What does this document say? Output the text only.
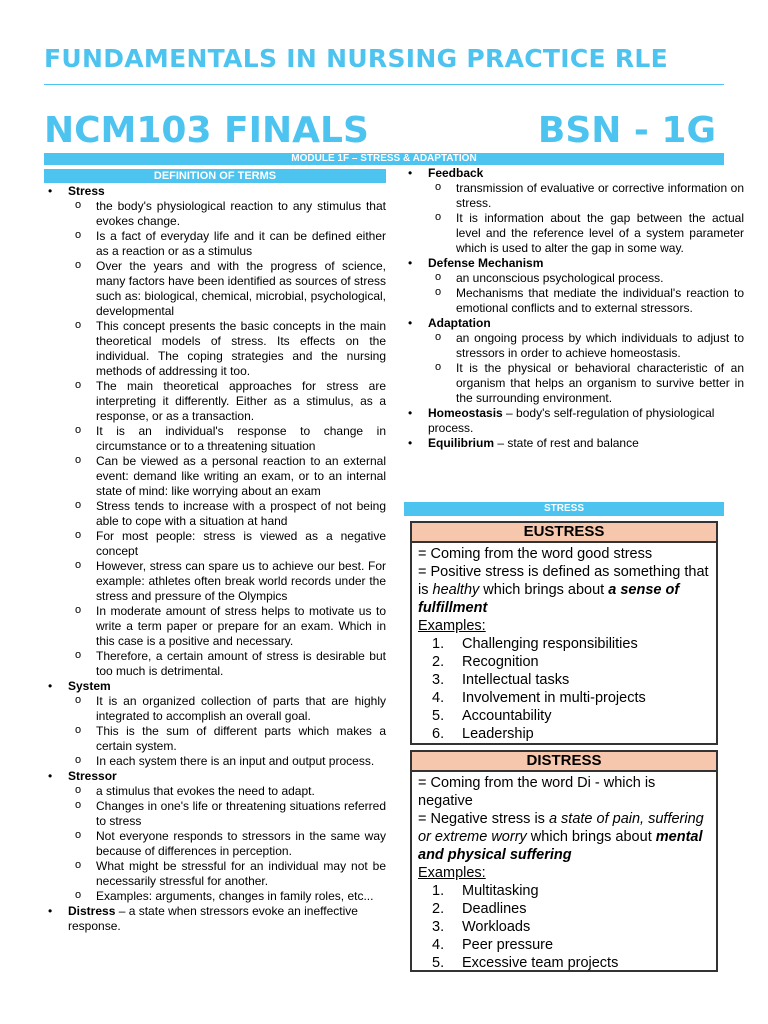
FUNDAMENTALS IN NURSING PRACTICE RLE
NCM103 FINALS	BSN - 1G
MODULE 1F – STRESS & ADAPTATION
DEFINITION OF TERMS
STRESS
• Stress
o the body's physiological reaction to any stimulus that evokes change.
o Is a fact of everyday life and it can be defined either as a reaction or as a stimulus
o Over the years and with the progress of science, many factors have been identified as sources of stress such as: biological, chemical, microbial, psychological, developmental
o This concept presents the basic concepts in the main theoretical models of stress. Its effects on the individual. The coping strategies and the nursing methods of addressing it too.
o The main theoretical approaches for stress are interpreting it differently. Either as a stimulus, as a response, or as a transaction.
o It is an individual's response to change in circumstance or to a threatening situation
o Can be viewed as a personal reaction to an external event: demand like writing an exam, or to an internal state of mind: like worrying about an exam
o Stress tends to increase with a prospect of not being able to cope with a situation at hand
o For most people: stress is viewed as a negative concept
o However, stress can spare us to achieve our best. For example: athletes often break world records under the stress and pressure of the Olympics
o In moderate amount of stress helps to motivate us to write a term paper or prepare for an exam. Which in this case is a positive and necessary.
o Therefore, a certain amount of stress is desirable but too much is detrimental.
• System
o It is an organized collection of parts that are highly integrated to accomplish an overall goal.
o This is the sum of different parts which makes a certain system.
o In each system there is an input and output process.
• Stressor
o a stimulus that evokes the need to adapt.
o Changes in one's life or threatening situations referred to stress
o Not everyone responds to stressors in the same way because of differences in perception.
o What might be stressful for an individual may not be necessarily stressful for another.
o Examples: arguments, changes in family roles, etc...
• Distress – a state when stressors evoke an ineffective response.
• Feedback
o transmission of evaluative or corrective information on stress.
o It is information about the gap between the actual level and the reference level of a system parameter which is used to alter the gap in some way.
• Defense Mechanism
o an unconscious psychological process.
o Mechanisms that mediate the individual's reaction to emotional conflicts and to external stressors.
• Adaptation
o an ongoing process by which individuals to adjust to stressors in order to achieve homeostasis.
o It is the physical or behavioral characteristic of an organism that helps an organism to survive better in the surrounding environment.
• Homeostasis – body's self-regulation of physiological process.
• Equilibrium – state of rest and balance
EUSTRESS
= Coming from the word good stress
= Positive stress is defined as something that is healthy which brings about a sense of fulfillment
Examples:
1. Challenging responsibilities
2. Recognition
3. Intellectual tasks
4. Involvement in multi-projects
5. Accountability
6. Leadership
DISTRESS
= Coming from the word Di - which is negative
= Negative stress is a state of pain, suffering or extreme worry which brings about mental and physical suffering
Examples:
1. Multitasking
2. Deadlines
3. Workloads
4. Peer pressure
5. Excessive team projects
